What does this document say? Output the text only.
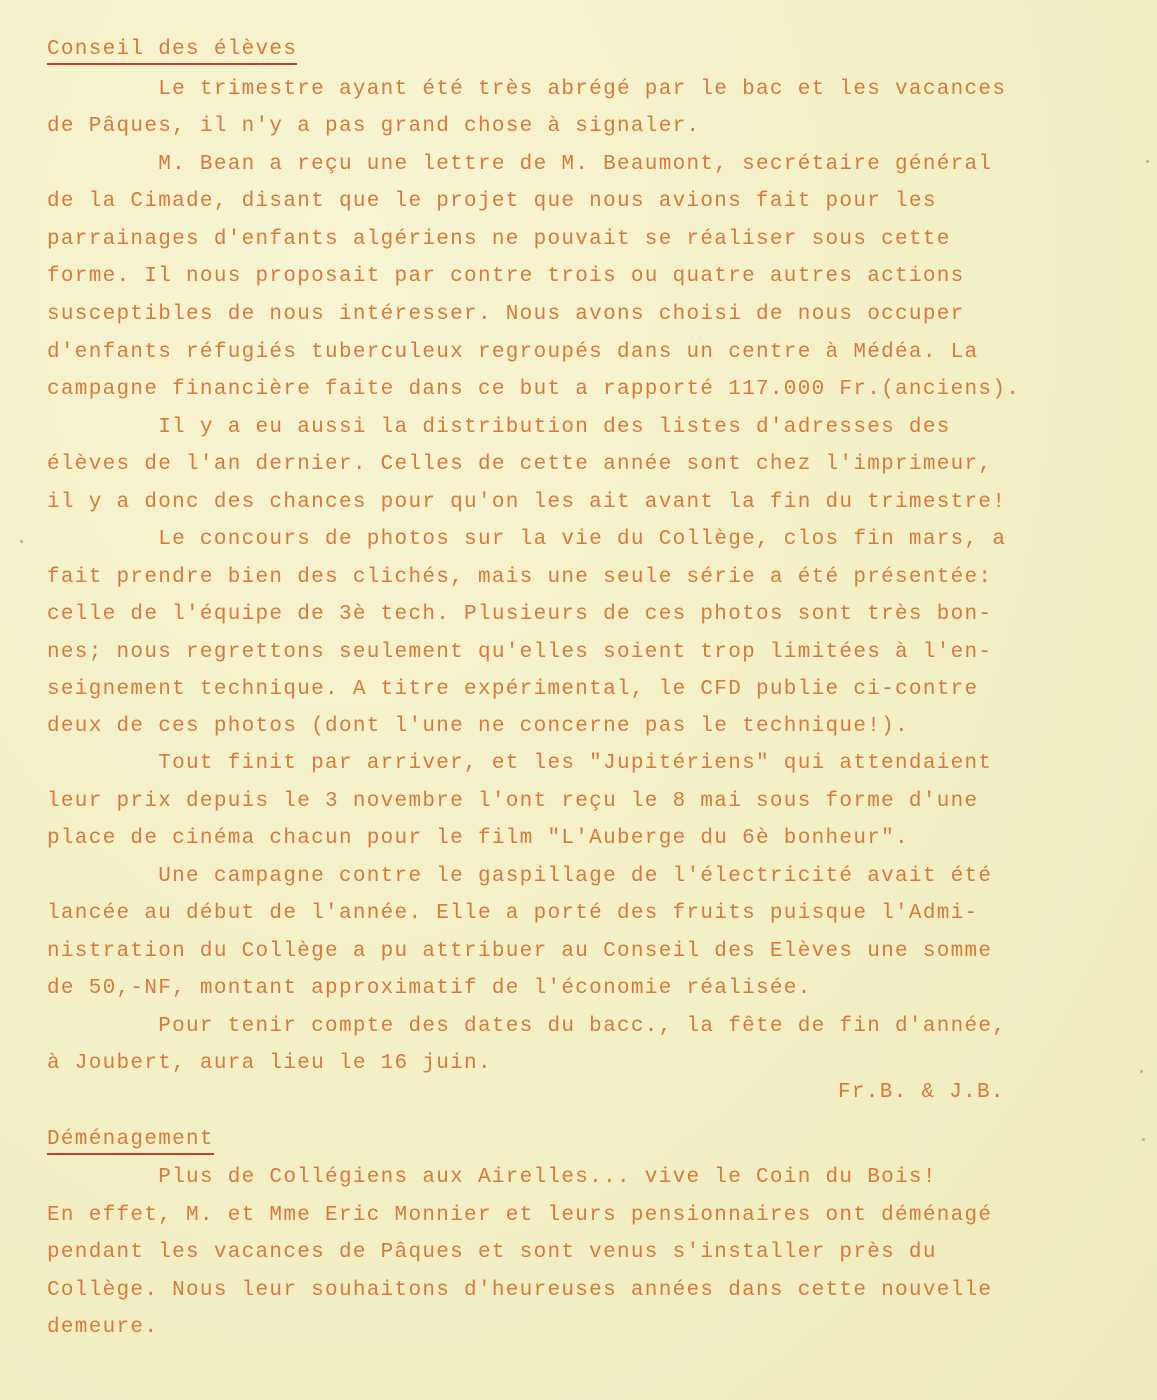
Conseil des élèves
Le trimestre ayant été très abrégé par le bac et les vacances
de Pâques, il n'y a pas grand chose à signaler.
M. Bean a reçu une lettre de M. Beaumont, secrétaire général
de la Cimade, disant que le projet que nous avions fait pour les
parrainages d'enfants algériens ne pouvait se réaliser sous cette
forme. Il nous proposait par contre trois ou quatre autres actions
susceptibles de nous intéresser. Nous avons choisi de nous occuper
d'enfants réfugiés tuberculeux regroupés dans un centre à Médéa. La
campagne financière faite dans ce but a rapporté 117.000 Fr.(anciens).
Il y a eu aussi la distribution des listes d'adresses des
élèves de l'an dernier. Celles de cette année sont chez l'imprimeur,
il y a donc des chances pour qu'on les ait avant la fin du trimestre!
Le concours de photos sur la vie du Collège, clos fin mars, a
fait prendre bien des clichés, mais une seule série a été présentée:
celle de l'équipe de 3è tech. Plusieurs de ces photos sont très bon-
nes; nous regrettons seulement qu'elles soient trop limitées à l'en-
seignement technique. A titre expérimental, le CFD publie ci-contre
deux de ces photos (dont l'une ne concerne pas le technique!).
Tout finit par arriver, et les "Jupitériens" qui attendaient
leur prix depuis le 3 novembre l'ont reçu le 8 mai sous forme d'une
place de cinéma chacun pour le film "L'Auberge du 6è bonheur".
Une campagne contre le gaspillage de l'électricité avait été
lancée au début de l'année. Elle a porté des fruits puisque l'Admi-
nistration du Collège a pu attribuer au Conseil des Elèves une somme
de 50,-NF, montant approximatif de l'économie réalisée.
Pour tenir compte des dates du bacc., la fête de fin d'année,
à Joubert, aura lieu le 16 juin.
Fr.B. & J.B.
Déménagement
Plus de Collégiens aux Airelles... vive le Coin du Bois!
En effet, M. et Mme Eric Monnier et leurs pensionnaires ont déménagé
pendant les vacances de Pâques et sont venus s'installer près du
Collège. Nous leur souhaitons d'heureuses années dans cette nouvelle
demeure.
